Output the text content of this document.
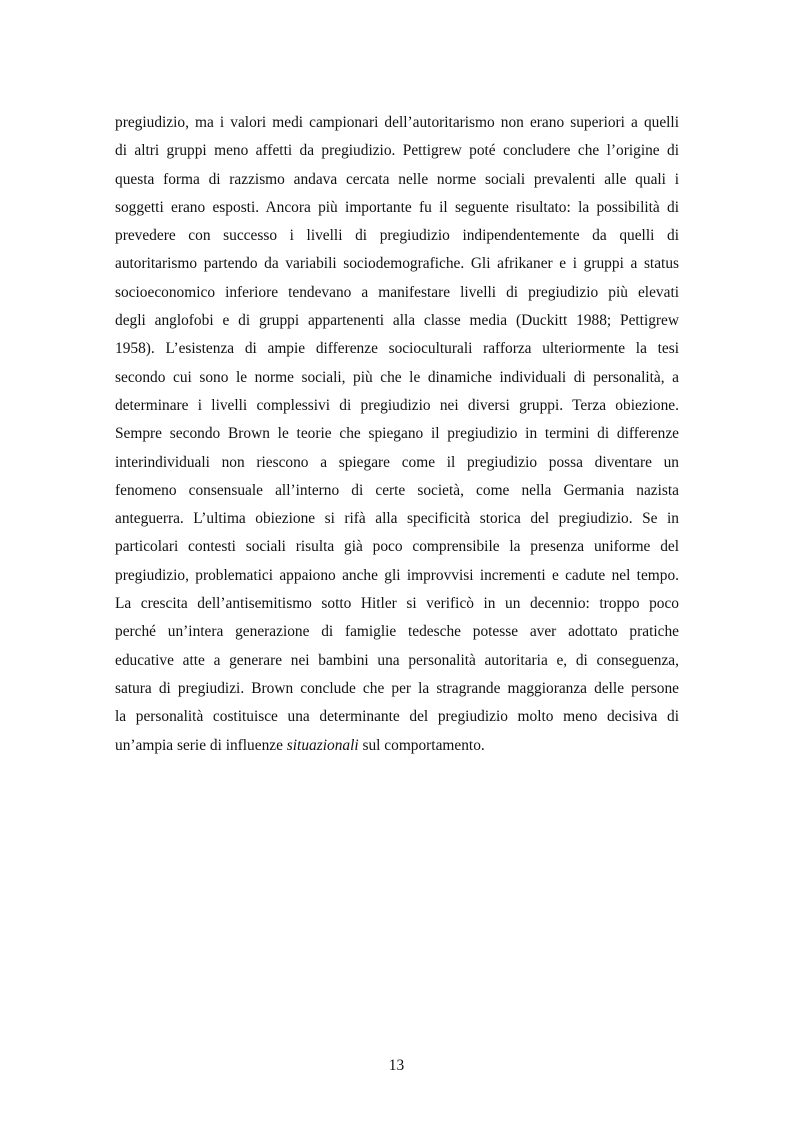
pregiudizio, ma i valori medi campionari dell’autoritarismo non erano superiori a quelli
di altri gruppi meno affetti da pregiudizio. Pettigrew poté concludere che l’origine di
questa forma di razzismo andava cercata nelle norme sociali prevalenti alle quali i
soggetti erano esposti. Ancora più importante fu il seguente risultato: la possibilità di
prevedere con successo i livelli di pregiudizio indipendentemente da quelli di
autoritarismo partendo da variabili sociodemografiche. Gli afrikaner e i gruppi a status
socioeconomico inferiore tendevano a manifestare livelli di pregiudizio più elevati
degli anglofobi e di gruppi appartenenti alla classe media (Duckitt 1988; Pettigrew
1958). L’esistenza di ampie differenze socioculturali rafforza ulteriormente la tesi
secondo cui sono le norme sociali, più che le dinamiche individuali di personalità, a
determinare i livelli complessivi di pregiudizio nei diversi gruppi. Terza obiezione.
Sempre secondo Brown le teorie che spiegano il pregiudizio in termini di differenze
interindividuali non riescono a spiegare come il pregiudizio possa diventare un
fenomeno consensuale all’interno di certe società, come nella Germania nazista
anteguerra. L’ultima obiezione si rifà alla specificità storica del pregiudizio. Se in
particolari contesti sociali risulta già poco comprensibile la presenza uniforme del
pregiudizio, problematici appaiono anche gli improvvisi incrementi e cadute nel tempo.
La crescita dell’antisemitismo sotto Hitler si verificò in un decennio: troppo poco
perché un’intera generazione di famiglie tedesche potesse aver adottato pratiche
educative atte a generare nei bambini una personalità autoritaria e, di conseguenza,
satura di pregiudizi. Brown conclude che per la stragrande maggioranza delle persone
la personalità costituisce una determinante del pregiudizio molto meno decisiva di
un’ampia serie di influenze situazionali sul comportamento.
13
